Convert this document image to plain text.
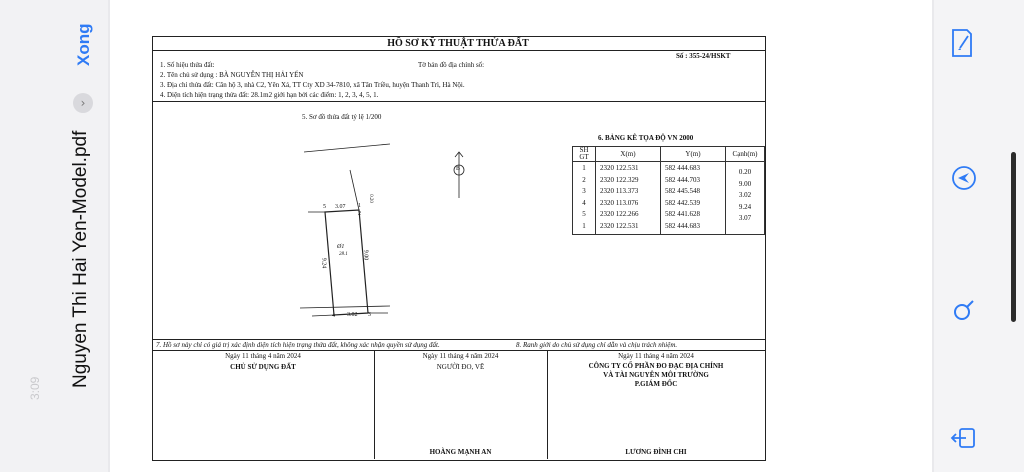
Xong
›
Nguyen Thi Hai Yen-Model.pdf
3:09
HỒ SƠ KỸ THUẬT THỬA ĐẤT
Số : 355-24/HSKT
1. Số hiệu thửa đất:	Tờ bản đồ địa chính số:
2. Tên chủ sử dụng : BÀ NGUYỄN THỊ HẢI YẾN
3. Địa chỉ thửa đất: Căn hộ 3, nhà C2, Yên Xá, TT Cty XD 34-7810, xã Tân Triều, huyện Thanh Trì, Hà Nội.
4. Diện tích hiện trạng thửa đất: 28.1m2 giới hạn bởi các điểm: 1, 2, 3, 4, 5, 1.
5. Sơ đồ thửa đất tỷ lệ 1/200
6. BẢNG KÊ TỌA ĐỘ VN 2000
5 3.07 1
2
0.20
Ø1
28.1
9.24
9.00
4 3.02 3
B
SH GT	X(m)	Y(m)	Cạnh(m)
1	2320 122.531	582 444.683	0.20
2	2320 122.329	582 444.703	9.00
3	2320 113.373	582 445.548	3.02
4	2320 113.076	582 442.539	9.24
5	2320 122.266	582 441.628	3.07
1	2320 122.531	582 444.683	
7. Hồ sơ này chỉ có giá trị xác định diện tích hiện trạng thửa đất, không xác nhận quyền sử dụng đất.	8. Ranh giới do chủ sử dụng chỉ dẫn và chịu trách nhiệm.
Ngày 11 tháng 4 năm 2024
CHỦ SỬ DỤNG ĐẤT
Ngày 11 tháng 4 năm 2024
NGƯỜI ĐO, VẼ
HOÀNG MẠNH AN
Ngày 11 tháng 4 năm 2024
CÔNG TY CỔ PHẦN ĐO ĐẠC ĐỊA CHÍNH
VÀ TÀI NGUYÊN MÔI TRƯỜNG
P.GIÁM ĐỐC
LƯƠNG ĐÌNH CHI
